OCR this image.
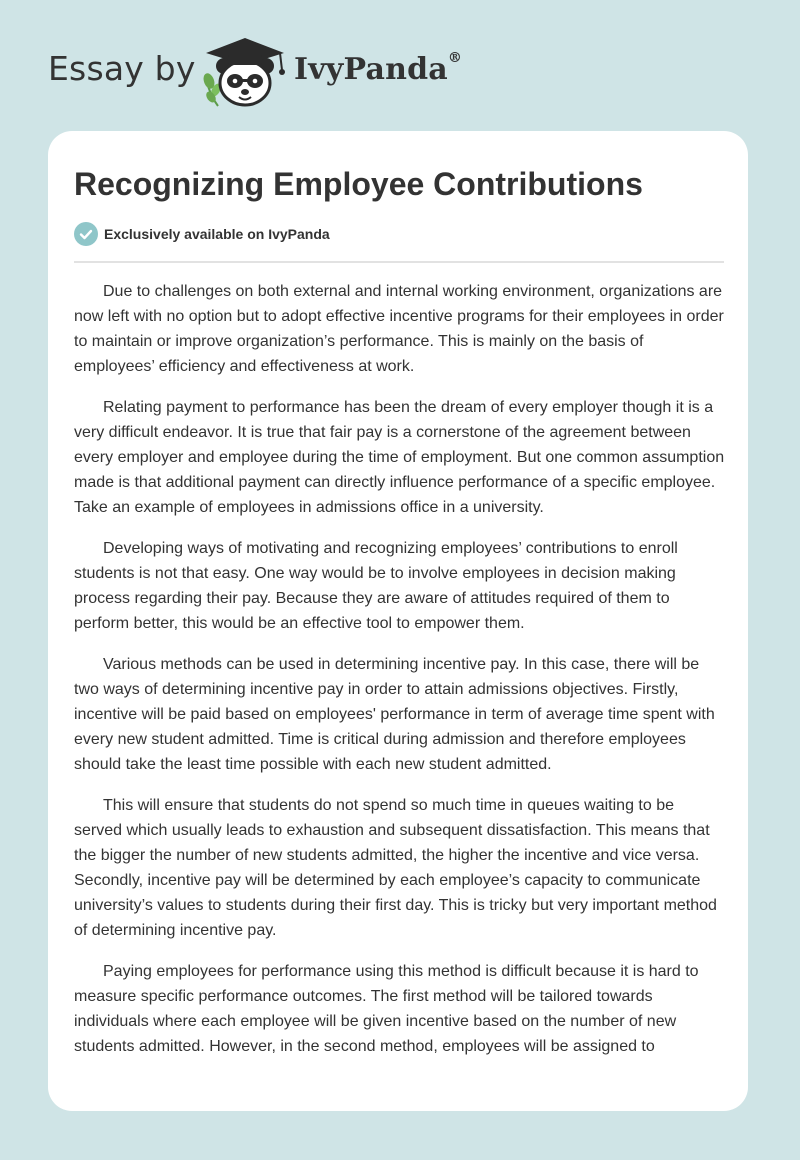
Essay by	IvyPanda®
Recognizing Employee Contributions
Exclusively available on IvyPanda

Due to challenges on both external and internal working environment, organizations are now left with no option but to adopt effective incentive programs for their employees in order to maintain or improve organization’s performance. This is mainly on the basis of employees’ efficiency and effectiveness at work.

Relating payment to performance has been the dream of every employer though it is a very difficult endeavor. It is true that fair pay is a cornerstone of the agreement between every employer and employee during the time of employment. But one common assumption made is that additional payment can directly influence performance of a specific employee. Take an example of employees in admissions office in a university.

Developing ways of motivating and recognizing employees’ contributions to enroll students is not that easy. One way would be to involve employees in decision making process regarding their pay. Because they are aware of attitudes required of them to perform better, this would be an effective tool to empower them.

Various methods can be used in determining incentive pay. In this case, there will be two ways of determining incentive pay in order to attain admissions objectives. Firstly, incentive will be paid based on employees' performance in term of average time spent with every new student admitted. Time is critical during admission and therefore employees should take the least time possible with each new student admitted.

This will ensure that students do not spend so much time in queues waiting to be served which usually leads to exhaustion and subsequent dissatisfaction. This means that the bigger the number of new students admitted, the higher the incentive and vice versa. Secondly, incentive pay will be determined by each employee’s capacity to communicate university’s values to students during their first day. This is tricky but very important method of determining incentive pay.

Paying employees for performance using this method is difficult because it is hard to measure specific performance outcomes. The first method will be tailored towards individuals where each employee will be given incentive based on the number of new students admitted. However, in the second method, employees will be assigned to
